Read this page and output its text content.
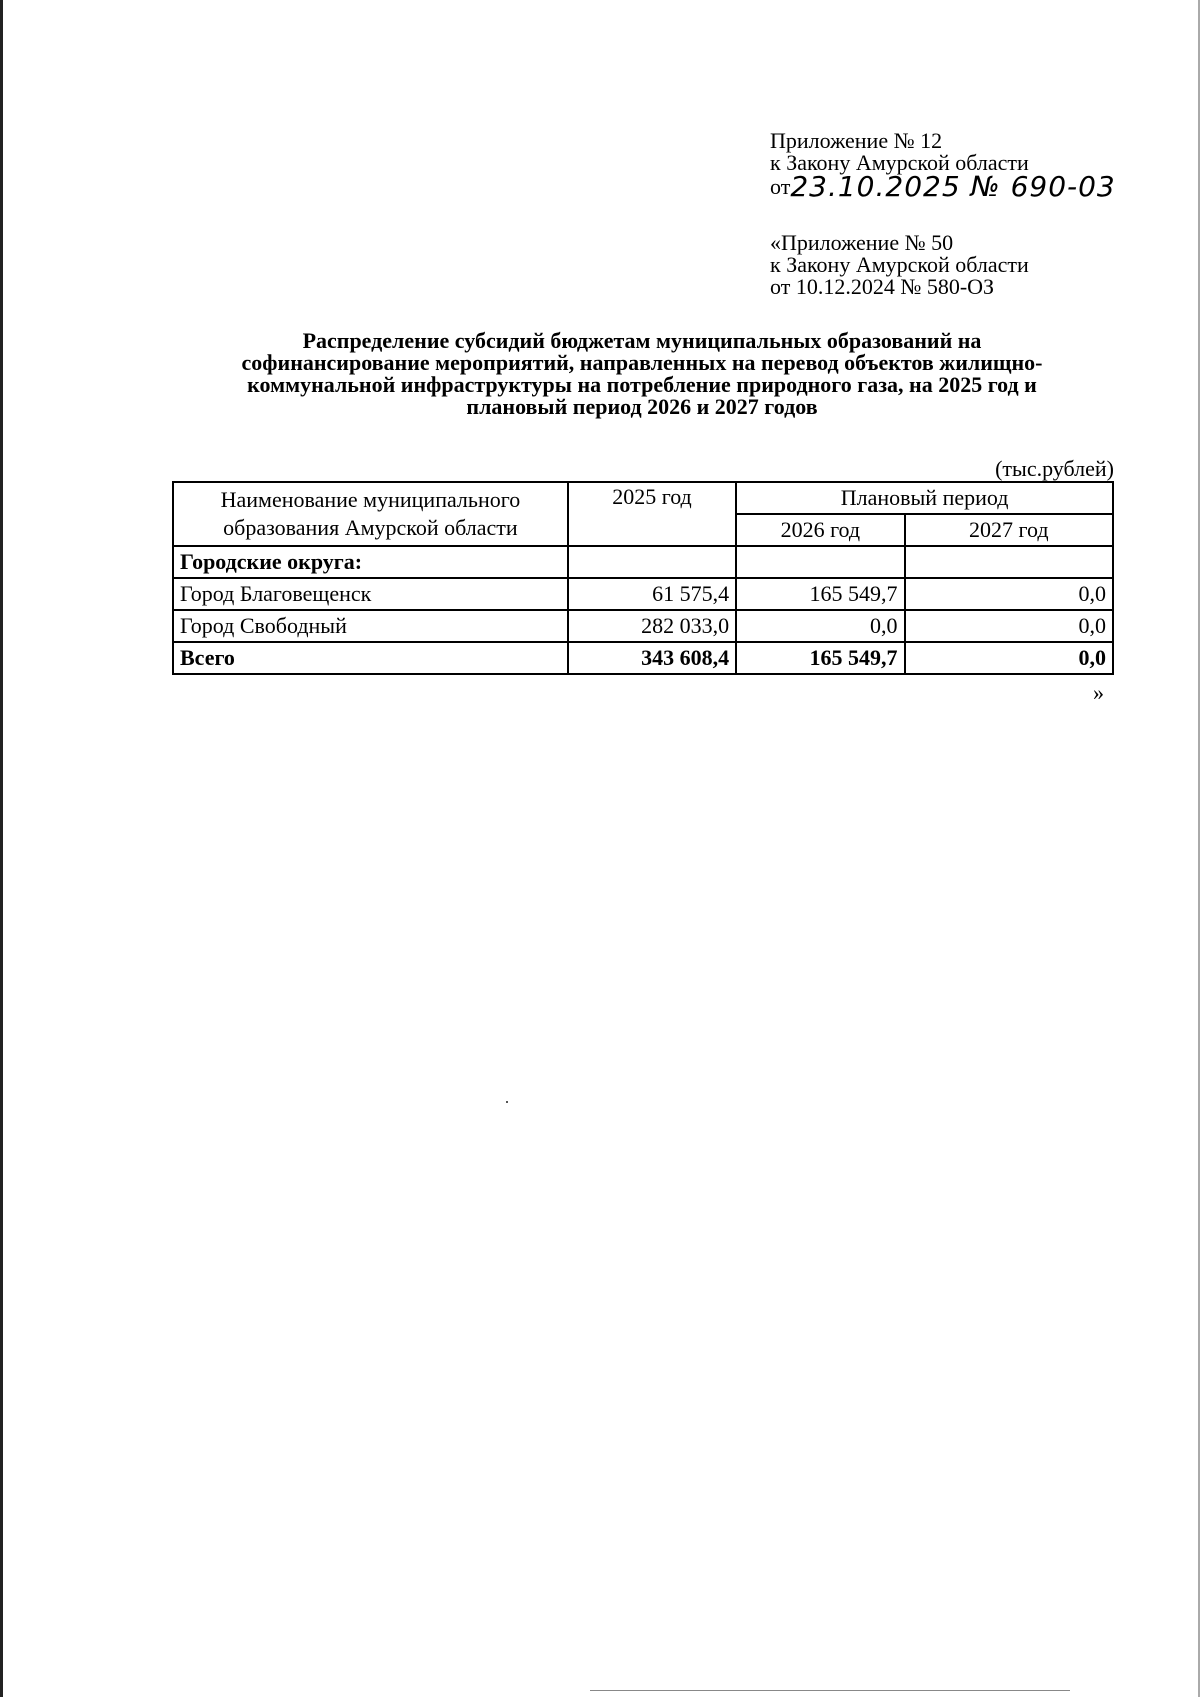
Приложение № 12
к Закону Амурской области
от23.10.2025 № 690-03
«Приложение № 50
к Закону Амурской области
от 10.12.2024 № 580-ОЗ
Распределение субсидий бюджетам муниципальных образований на
софинансирование мероприятий, направленных на перевод объектов жилищно-
коммунальной инфраструктуры на потребление природного газа, на 2025 год и
плановый период 2026 и 2027 годов
(тыс.рублей)
Наименование муниципального
образования Амурской области	2025 год	Плановый период	
		2026 год	2027 год
Городские округа:			
Город Благовещенск	61 575,4	165 549,7	0,0
Город Свободный	282 033,0	0,0	0,0
Всего	343 608,4	165 549,7	0,0
»
